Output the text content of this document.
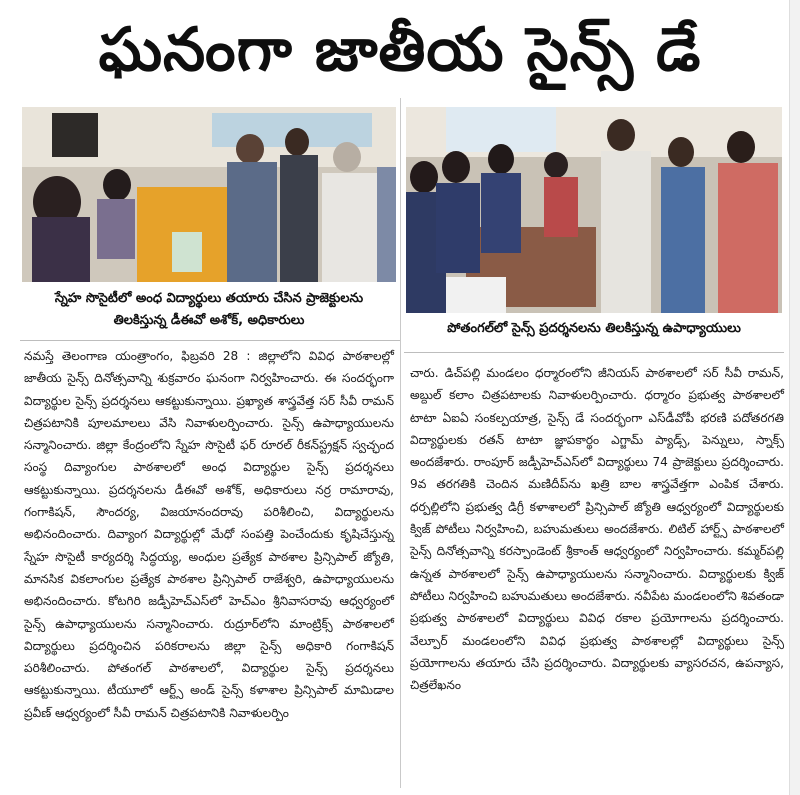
ఘనంగా జాతీయ సైన్స్ డే
స్నేహ సొసైటీలో అంధ విద్యార్థులు తయారు చేసిన ప్రాజెక్టులను
తిలకిస్తున్న డీఈవో అశోక్, అధికారులు
పోతంగల్‌లో సైన్స్ ప్రదర్శనలను తిలకిస్తున్న ఉపాధ్యాయులు

నమస్తే తెలంగాణ యంత్రాంగం, ఫిబ్రవరి 28 : జిల్లాలోని వివిధ పాఠశాలల్లో జాతీయ సైన్స్ దినోత్సవాన్ని శుక్రవారం ఘనంగా నిర్వహించారు. ఈ సందర్భంగా విద్యార్థుల సైన్స్ ప్రదర్శనలు ఆకట్టుకున్నాయి. ప్రఖ్యాత శాస్త్రవేత్త సర్ సీవీ రామన్ చిత్రపటానికి పూలమాలలు వేసి నివాళులర్పించారు. సైన్స్ ఉపాధ్యాయులను సన్మానించారు. జిల్లా కేంద్రంలోని స్నేహ సొసైటీ ఫర్ రూరల్ రీకన్‌స్ట్రక్షన్ స్వచ్ఛంద సంస్థ దివ్యాంగుల పాఠశాలలో అంధ విద్యార్థుల సైన్స్ ప్రదర్శనలు ఆకట్టుకున్నాయి. ప్రదర్శనలను డీఈవో అశోక్, అధికారులు నర్ర రామారావు, గంగాకిషన్, సౌందర్య, విజయానందరావు పరిశీలించి, విద్యార్థులను అభినందించారు. దివ్యాంగ విద్యార్థుల్లో మేధో సంపత్తి పెంచేందుకు కృషిచేస్తున్న స్నేహ సొసైటీ కార్యదర్శి సిద్ధయ్య, అంధుల ప్రత్యేక పాఠశాల ప్రిన్సిపాల్ జ్యోతి, మానసిక వికలాంగుల ప్రత్యేక పాఠశాల ప్రిన్సిపాల్ రాజేశ్వరి, ఉపాధ్యాయులను అభినందించారు. కోటగిరి జడ్పీహెచ్‌ఎస్‌లో హెచ్‌ఎం శ్రీనివాసరావు ఆధ్వర్యంలో సైన్స్ ఉపాధ్యాయులను సన్మానించారు. రుద్రూర్‌లోని మాంట్రిక్స్ పాఠశాలలో విద్యార్థులు ప్రదర్శించిన పరికరాలను జిల్లా సైన్స్ అధికారి గంగాకిషన్ పరిశీలించారు. పోతంగల్ పాఠశాలలో, విద్యార్థుల సైన్స్ ప్రదర్శనలు ఆకట్టుకున్నాయి. టీయూలో ఆర్ట్స్ అండ్ సైన్స్ కళాశాల ప్రిన్సిపాల్ మామిడాల ప్రవీణ్ ఆధ్వర్యంలో సీవీ రామన్ చిత్రపటానికి నివాళులర్పిం

చారు. డిచ్‌పల్లి మండలం ధర్మారంలోని జీనియస్ పాఠశాలలో సర్ సీవీ రామన్, అబ్దుల్ కలాం చిత్రపటాలకు నివాళులర్పించారు. ధర్మారం ప్రభుత్వ పాఠశాలలో టాటా ఏఐఏ సంకల్పయాత్ర, సైన్స్ డే సందర్భంగా ఎస్‌డీవోపీ భరణి పదోతరగతి విద్యార్థులకు రతన్ టాటా జ్ఞాపకార్థం ఎగ్జామ్ ప్యాడ్స్, పెన్నులు, స్నాక్స్ అందజేశారు. రాంపూర్ జడ్పీహెచ్‌ఎస్‌లో విద్యార్థులు 74 ప్రాజెక్టులు ప్రదర్శించారు. 9వ తరగతికి చెందిన మణిదీప్‌ను ఖత్రి బాల శాస్త్రవేత్తగా ఎంపిక చేశారు. ధర్పల్లిలోని ప్రభుత్వ డిగ్రీ కళాశాలలో ప్రిన్సిపాల్ జ్యోతి ఆధ్వర్యంలో విద్యార్థులకు క్విజ్ పోటీలు నిర్వహించి, బహుమతులు అందజేశారు. లిటిల్ హార్ట్స్ పాఠశాలలో సైన్స్ దినోత్సవాన్ని కరస్పాండెంట్ శ్రీకాంత్ ఆధ్వర్యంలో నిర్వహించారు. కమ్మర్‌పల్లి ఉన్నత పాఠశాలలో సైన్స్ ఉపాధ్యాయులను సన్మానించారు. విద్యార్థులకు క్విజ్ పోటీలు నిర్వహించి బహుమతులు అందజేశారు. నవీపేట మండలంలోని శివతండా ప్రభుత్వ పాఠశాలలో విద్యార్థులు వివిధ రకాల ప్రయోగాలను ప్రదర్శించారు. వేల్పూర్ మండలంలోని వివిధ ప్రభుత్వ పాఠశాలల్లో విద్యార్థులు సైన్స్ ప్రయోగాలను తయారు చేసి ప్రదర్శించారు. విద్యార్థులకు వ్యాసరచన, ఉపన్యాస, చిత్రలేఖనం
